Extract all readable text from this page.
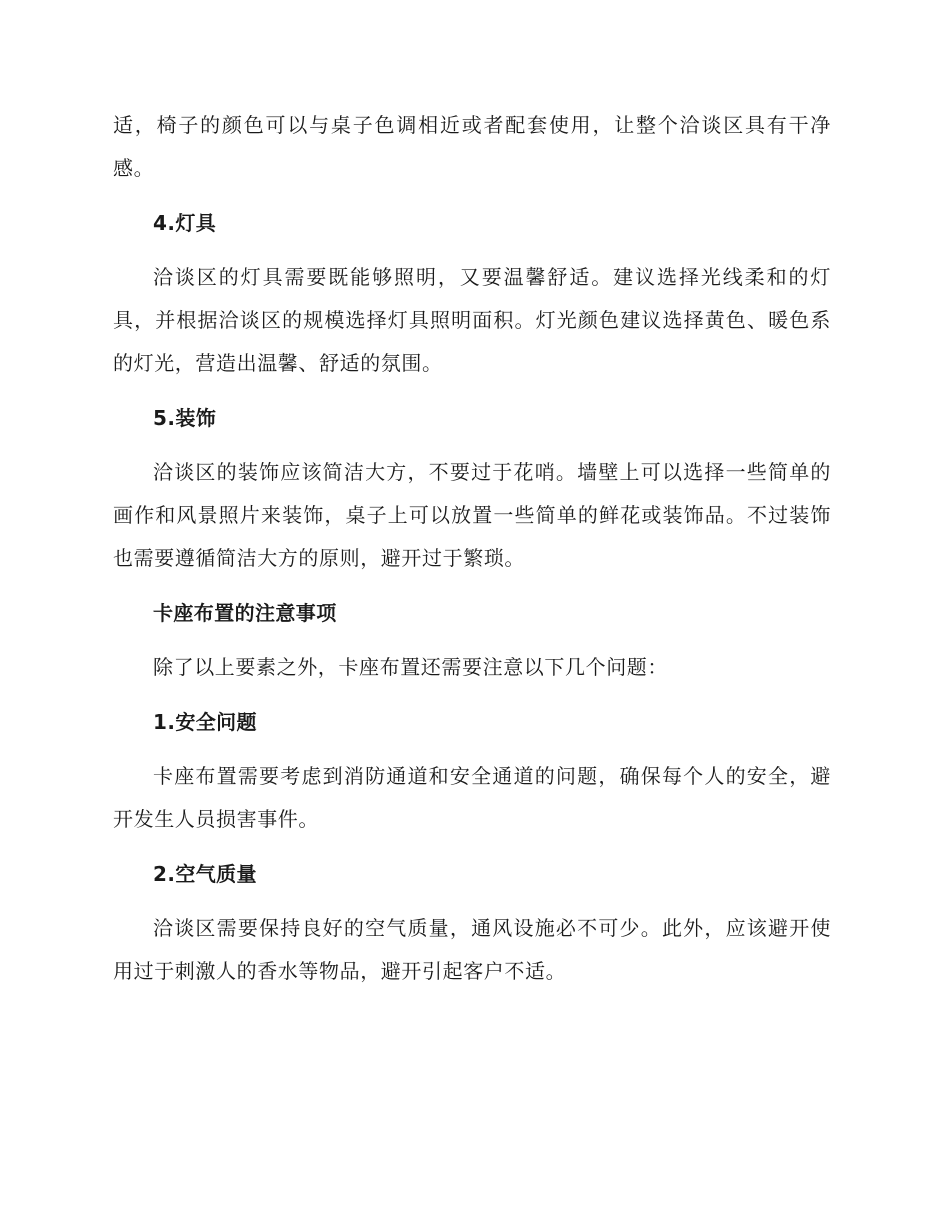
适，椅子的颜色可以与桌子色调相近或者配套使用，让整个洽谈区具有干净感。

4.灯具

洽谈区的灯具需要既能够照明，又要温馨舒适。建议选择光线柔和的灯具，并根据洽谈区的规模选择灯具照明面积。灯光颜色建议选择黄色、暖色系的灯光，营造出温馨、舒适的氛围。

5.装饰

洽谈区的装饰应该简洁大方，不要过于花哨。墙壁上可以选择一些简单的画作和风景照片来装饰，桌子上可以放置一些简单的鲜花或装饰品。不过装饰也需要遵循简洁大方的原则，避开过于繁琐。

卡座布置的注意事项

除了以上要素之外，卡座布置还需要注意以下几个问题：

1.安全问题

卡座布置需要考虑到消防通道和安全通道的问题，确保每个人的安全，避开发生人员损害事件。

2.空气质量

洽谈区需要保持良好的空气质量，通风设施必不可少。此外，应该避开使用过于刺激人的香水等物品，避开引起客户不适。
